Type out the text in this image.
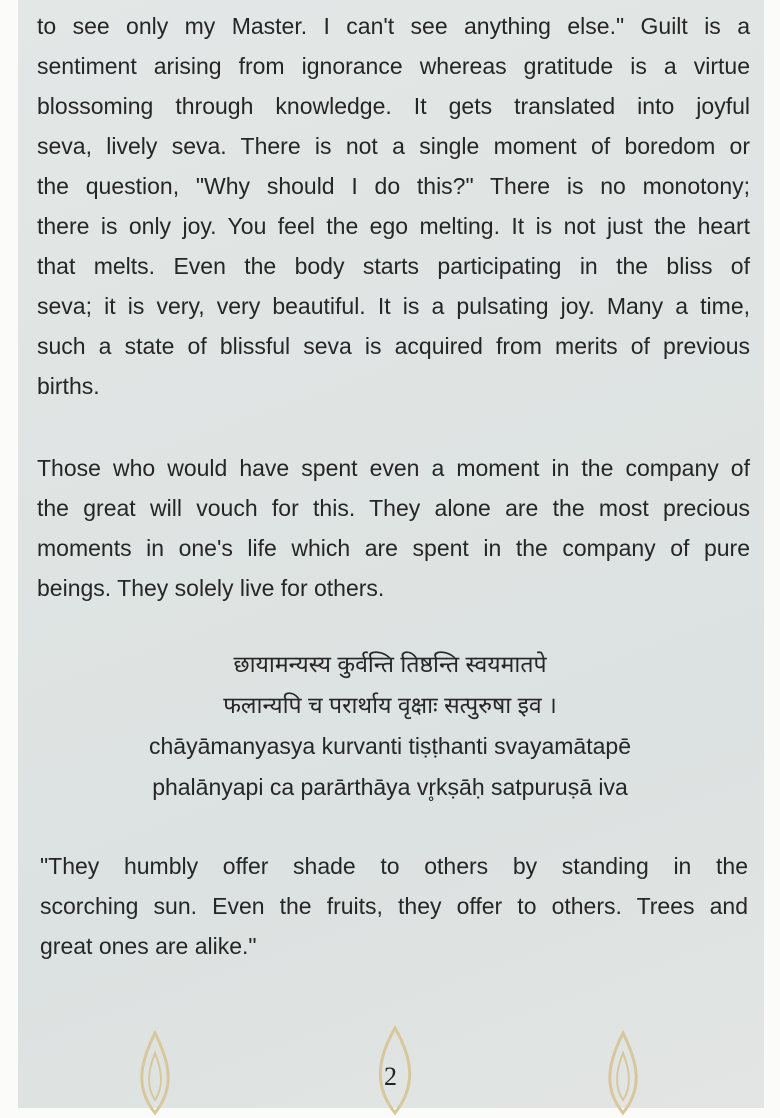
to see only my Master. I can't see anything else." Guilt is a
sentiment arising from ignorance whereas gratitude is a virtue
blossoming through knowledge. It gets translated into joyful
seva, lively seva. There is not a single moment of boredom or
the question, "Why should I do this?" There is no monotony;
there is only joy. You feel the ego melting. It is not just the heart
that melts. Even the body starts participating in the bliss of
seva; it is very, very beautiful. It is a pulsating joy. Many a time,
such a state of blissful seva is acquired from merits of previous
births.
Those who would have spent even a moment in the company of
the great will vouch for this. They alone are the most precious
moments in one's life which are spent in the company of pure
beings. They solely live for others.
छायामन्यस्य कुर्वन्ति तिष्ठन्ति स्वयमातपे
फलान्यपि च परार्थाय वृक्षाः सत्पुरुषा इव ।
chāyāmanyasya kurvanti tiṣṭhanti svayamātapē
phalānyapi ca parārthāya vr̥kṣāḥ satpuruṣā iva
"They humbly offer shade to others by standing in the
scorching sun. Even the fruits, they offer to others. Trees and
great ones are alike."
2
